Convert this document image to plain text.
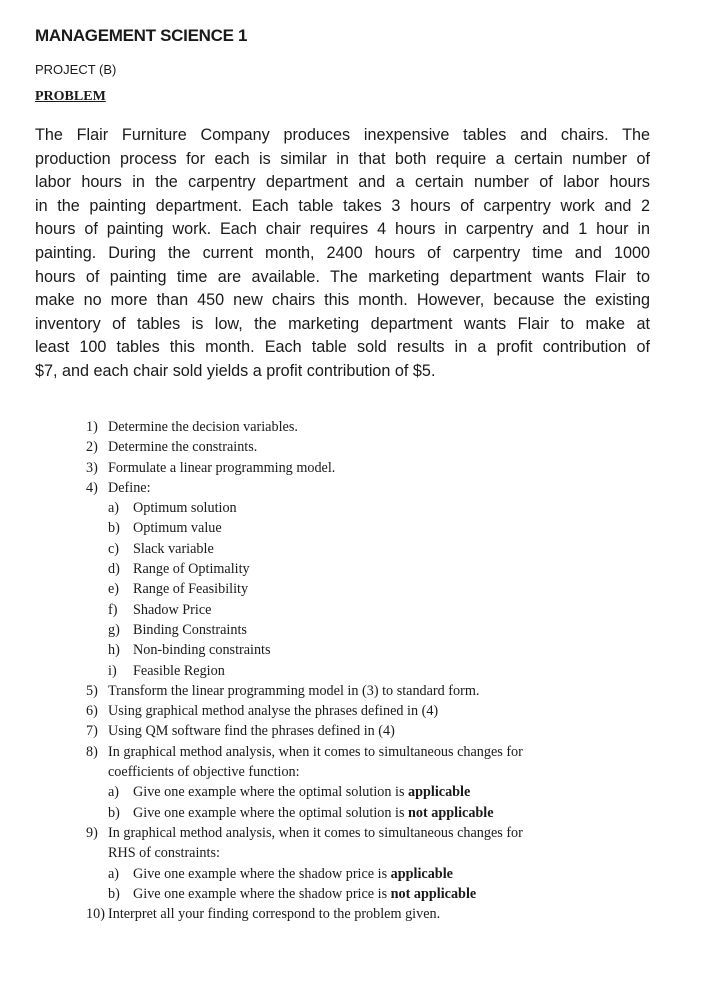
MANAGEMENT SCIENCE 1
PROJECT (B)
PROBLEM
The Flair Furniture Company produces inexpensive tables and chairs. The
production process for each is similar in that both require a certain number of
labor hours in the carpentry department and a certain number of labor hours
in the painting department. Each table takes 3 hours of carpentry work and 2
hours of painting work. Each chair requires 4 hours in carpentry and 1 hour in
painting. During the current month, 2400 hours of carpentry time and 1000
hours of painting time are available. The marketing department wants Flair to
make no more than 450 new chairs this month. However, because the existing
inventory of tables is low, the marketing department wants Flair to make at
least 100 tables this month. Each table sold results in a profit contribution of
$7, and each chair sold yields a profit contribution of $5.
1) Determine the decision variables.
2) Determine the constraints.
3) Formulate a linear programming model.
4) Define:
a) Optimum solution
b) Optimum value
c) Slack variable
d) Range of Optimality
e) Range of Feasibility
f) Shadow Price
g) Binding Constraints
h) Non-binding constraints
i) Feasible Region
5) Transform the linear programming model in (3) to standard form.
6) Using graphical method analyse the phrases defined in (4)
7) Using QM software find the phrases defined in (4)
8) In graphical method analysis, when it comes to simultaneous changes for
coefficients of objective function:
a) Give one example where the optimal solution is applicable
b) Give one example where the optimal solution is not applicable
9) In graphical method analysis, when it comes to simultaneous changes for
RHS of constraints:
a) Give one example where the shadow price is applicable
b) Give one example where the shadow price is not applicable
10) Interpret all your finding correspond to the problem given.
